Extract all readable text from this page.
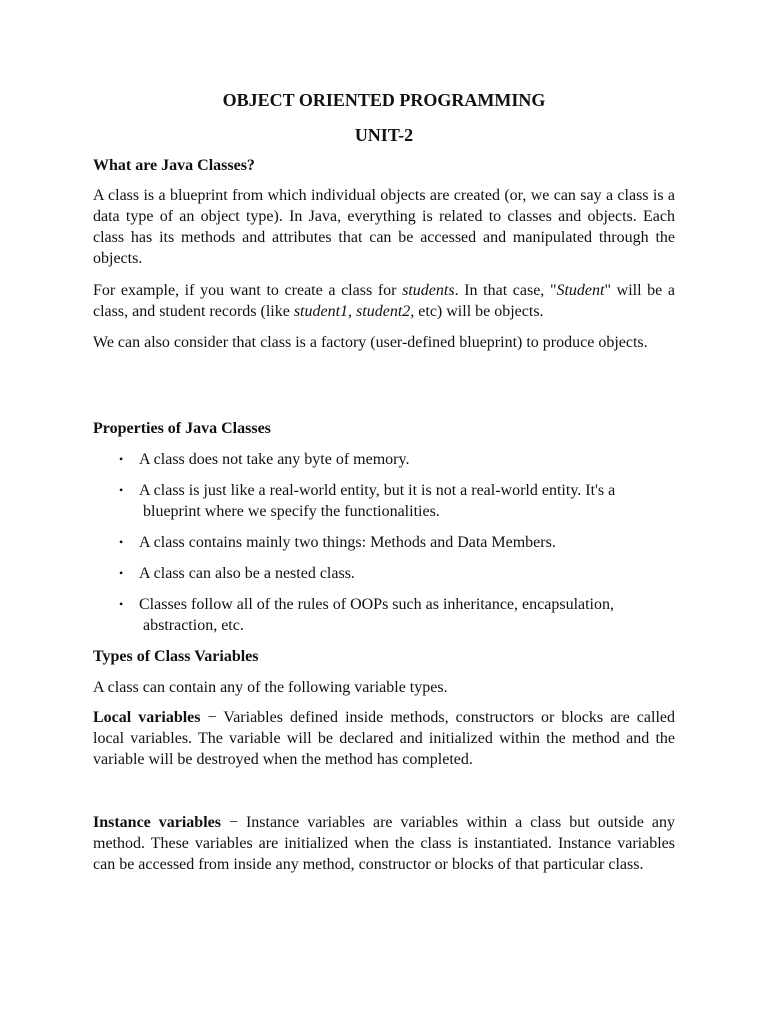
OBJECT ORIENTED PROGRAMMING
UNIT-2
What are Java Classes?
A class is a blueprint from which individual objects are created (or, we can say a class is a data type of an object type). In Java, everything is related to classes and objects. Each class has its methods and attributes that can be accessed and manipulated through the objects.
For example, if you want to create a class for students. In that case, "Student" will be a class, and student records (like student1, student2, etc) will be objects.
We can also consider that class is a factory (user-defined blueprint) to produce objects.
Properties of Java Classes
• A class does not take any byte of memory.
• A class is just like a real-world entity, but it is not a real-world entity. It's a
blueprint where we specify the functionalities.
• A class contains mainly two things: Methods and Data Members.
• A class can also be a nested class.
• Classes follow all of the rules of OOPs such as inheritance, encapsulation,
abstraction, etc.
Types of Class Variables
A class can contain any of the following variable types.
Local variables − Variables defined inside methods, constructors or blocks are called local variables. The variable will be declared and initialized within the method and the variable will be destroyed when the method has completed.
Instance variables − Instance variables are variables within a class but outside any method. These variables are initialized when the class is instantiated. Instance variables can be accessed from inside any method, constructor or blocks of that particular class.
